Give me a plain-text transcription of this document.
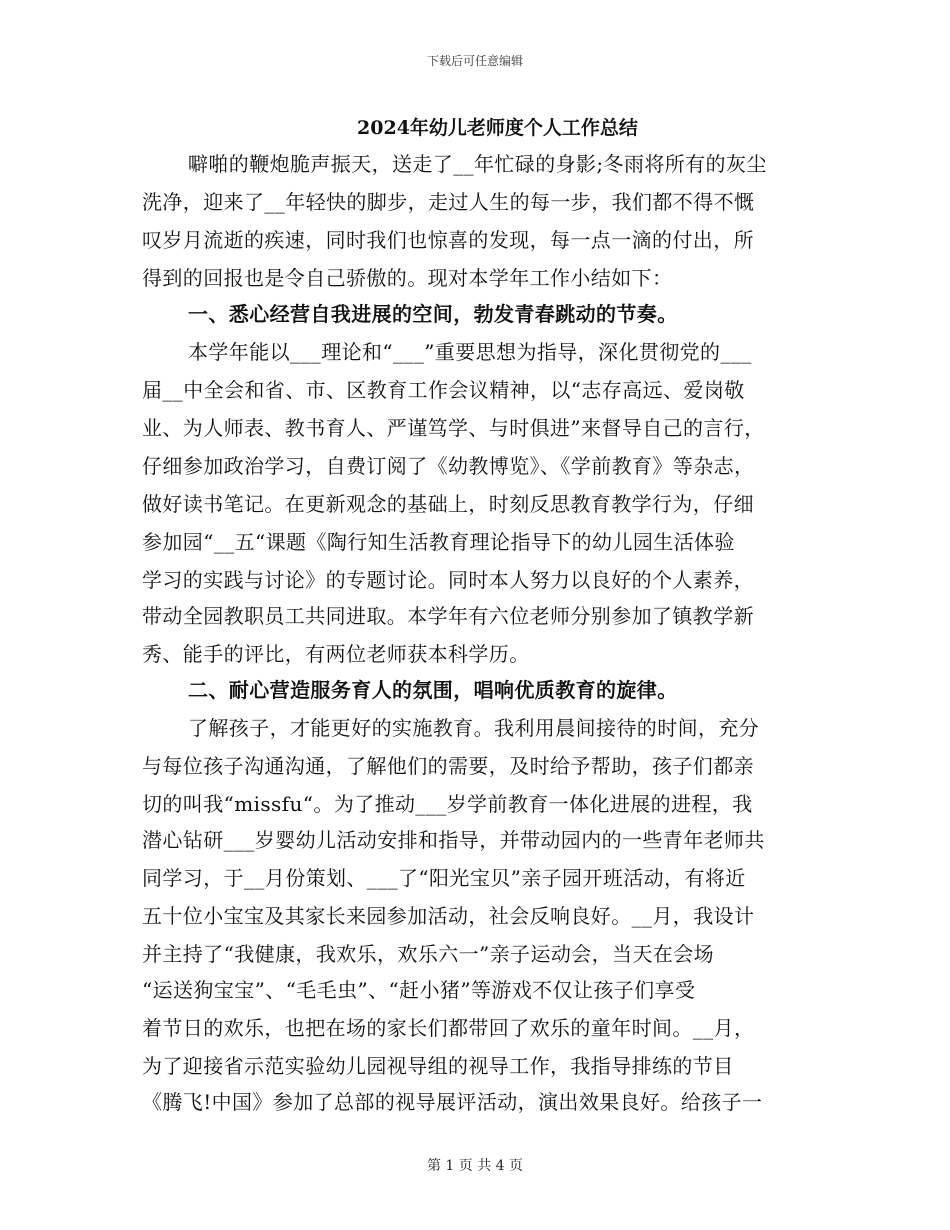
下载后可任意编辑
2024年幼儿老师度个人工作总结
噼啪的鞭炮脆声振天，送走了__年忙碌的身影;冬雨将所有的灰尘
洗净，迎来了__年轻快的脚步，走过人生的每一步，我们都不得不慨
叹岁月流逝的疾速，同时我们也惊喜的发现，每一点一滴的付出，所
得到的回报也是令自己骄傲的。现对本学年工作小结如下：
一、悉心经营自我进展的空间，勃发青春跳动的节奏。
本学年能以___理论和“___”重要思想为指导，深化贯彻党的___
届__中全会和省、市、区教育工作会议精神，以“志存高远、爱岗敬
业、为人师表、教书育人、严谨笃学、与时俱进”来督导自己的言行，
仔细参加政治学习，自费订阅了《幼教博览》、《学前教育》等杂志，
做好读书笔记。在更新观念的基础上，时刻反思教育教学行为，仔细
参加园“__五“课题《陶行知生活教育理论指导下的幼儿园生活体验
学习的实践与讨论》的专题讨论。同时本人努力以良好的个人素养，
带动全园教职员工共同进取。本学年有六位老师分别参加了镇教学新
秀、能手的评比，有两位老师获本科学历。
二、耐心营造服务育人的氛围，唱响优质教育的旋律。
了解孩子，才能更好的实施教育。我利用晨间接待的时间，充分
与每位孩子沟通沟通，了解他们的需要，及时给予帮助，孩子们都亲
切的叫我“missfu“。为了推动___岁学前教育一体化进展的进程，我
潜心钻研___岁婴幼儿活动安排和指导，并带动园内的一些青年老师共
同学习，于__月份策划、___了“阳光宝贝”亲子园开班活动，有将近
五十位小宝宝及其家长来园参加活动，社会反响良好。__月，我设计
并主持了“我健康，我欢乐，欢乐六一”亲子运动会，当天在会场
“运送狗宝宝”、“毛毛虫”、“赶小猪”等游戏不仅让孩子们享受
着节日的欢乐，也把在场的家长们都带回了欢乐的童年时间。__月，
为了迎接省示范实验幼儿园视导组的视导工作，我指导排练的节目
《腾飞!中国》参加了总部的视导展评活动，演出效果良好。给孩子一
第 1 页 共 4 页
